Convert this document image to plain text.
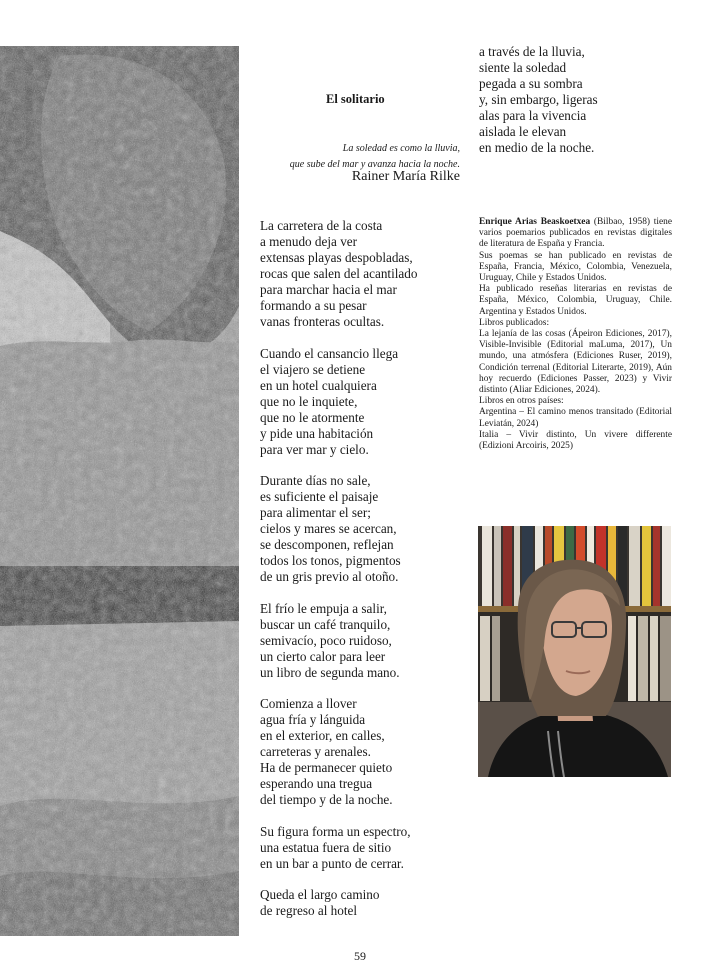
El solitario
La soledad es como la lluvia,
que sube del mar y avanza hacia la noche.
Rainer María Rilke
La carretera de la costa
a menudo deja ver
extensas playas despobladas,
rocas que salen del acantilado
para marchar hacia el mar
formando a su pesar
vanas fronteras ocultas.
Cuando el cansancio llega
el viajero se detiene
en un hotel cualquiera
que no le inquiete,
que no le atormente
y pide una habitación
para ver mar y cielo.
Durante días no sale,
es suficiente el paisaje
para alimentar el ser;
cielos y mares se acercan,
se descomponen, reflejan
todos los tonos, pigmentos
de un gris previo al otoño.
El frío le empuja a salir,
buscar un café tranquilo,
semivacío, poco ruidoso,
un cierto calor para leer
un libro de segunda mano.
Comienza a llover
agua fría y lánguida
en el exterior, en calles,
carreteras y arenales.
Ha de permanecer quieto
esperando una tregua
del tiempo y de la noche.
Su figura forma un espectro,
una estatua fuera de sitio
en un bar a punto de cerrar.
Queda el largo camino
de regreso al hotel
a través de la lluvia,
siente la soledad
pegada a su sombra
y, sin embargo, ligeras
alas para la vivencia
aislada le elevan
en medio de la noche.

Enrique Arias Beaskoetxea (Bilbao, 1958) tiene varios poemarios publicados en revistas digitales de literatura de España y Francia.

Sus poemas se han publicado en revistas de España, Francia, México, Colombia, Venezuela, Uruguay, Chile y Estados Unidos.

Ha publicado reseñas literarias en revistas de España, México, Colombia, Uruguay, Chile. Argentina y Estados Unidos.

Libros publicados:

La lejanía de las cosas (Ápeiron Ediciones, 2017), Visible-Invisible (Editorial maLuma, 2017), Un mundo, una atmósfera (Ediciones Ruser, 2019), Condición terrenal (Editorial Literarte, 2019), Aún hoy recuerdo (Ediciones Passer, 2023) y Vivir distinto (Aliar Ediciones, 2024).

Libros en otros países:

Argentina – El camino menos transitado (Editorial Leviatán, 2024)

Italia – Vivir distinto, Un vivere differente (Edizioni Arcoiris, 2025)

59
